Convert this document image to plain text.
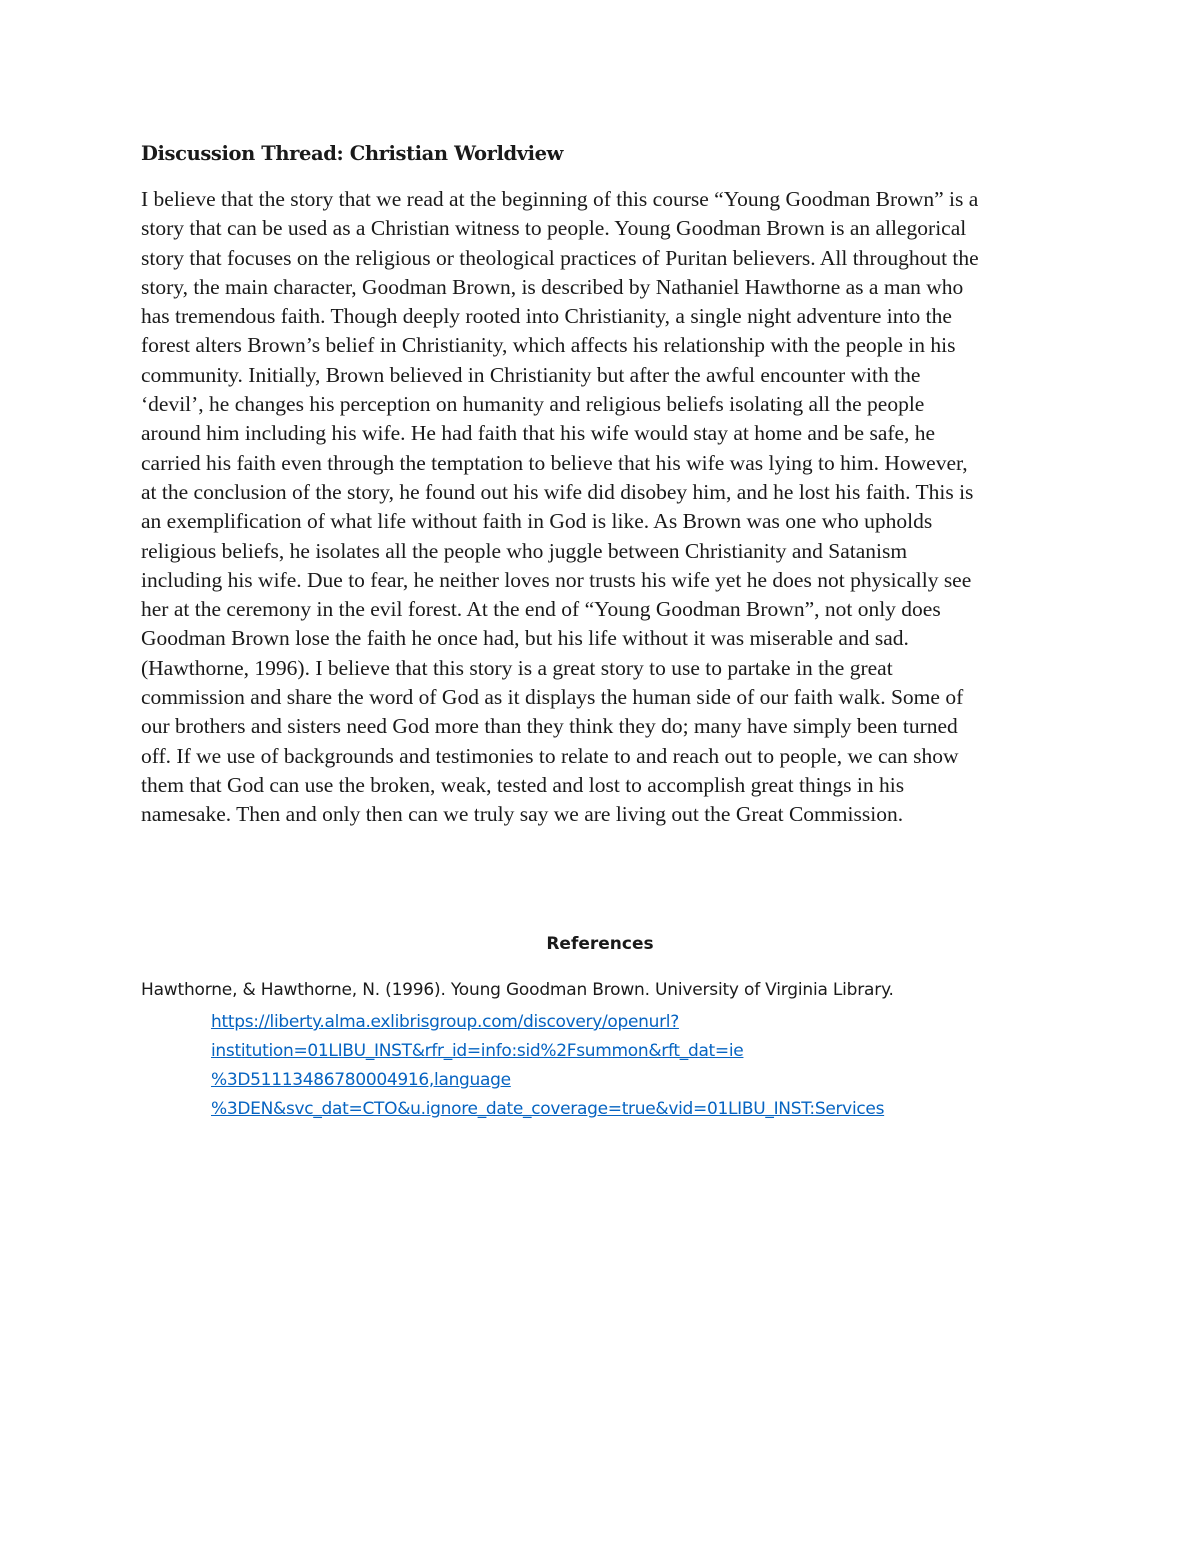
Discussion Thread: Christian Worldview
I believe that the story that we read at the beginning of this course “Young Goodman Brown” is a
story that can be used as a Christian witness to people. Young Goodman Brown is an allegorical
story that focuses on the religious or theological practices of Puritan believers. All throughout the
story, the main character, Goodman Brown, is described by Nathaniel Hawthorne as a man who
has tremendous faith. Though deeply rooted into Christianity, a single night adventure into the
forest alters Brown’s belief in Christianity, which affects his relationship with the people in his
community. Initially, Brown believed in Christianity but after the awful encounter with the
‘devil’, he changes his perception on humanity and religious beliefs isolating all the people
around him including his wife. He had faith that his wife would stay at home and be safe, he
carried his faith even through the temptation to believe that his wife was lying to him. However,
at the conclusion of the story, he found out his wife did disobey him, and he lost his faith. This is
an exemplification of what life without faith in God is like. As Brown was one who upholds
religious beliefs, he isolates all the people who juggle between Christianity and Satanism
including his wife. Due to fear, he neither loves nor trusts his wife yet he does not physically see
her at the ceremony in the evil forest. At the end of “Young Goodman Brown”, not only does
Goodman Brown lose the faith he once had, but his life without it was miserable and sad.
(Hawthorne, 1996). I believe that this story is a great story to use to partake in the great
commission and share the word of God as it displays the human side of our faith walk. Some of
our brothers and sisters need God more than they think they do; many have simply been turned
off. If we use of backgrounds and testimonies to relate to and reach out to people, we can show
them that God can use the broken, weak, tested and lost to accomplish great things in his
namesake. Then and only then can we truly say we are living out the Great Commission.
References
Hawthorne, & Hawthorne, N. (1996). Young Goodman Brown. University of Virginia Library.
https://liberty.alma.exlibrisgroup.com/discovery/openurl?
institution=01LIBU_INST&rfr_id=info:sid%2Fsummon&rft_dat=ie
%3D51113486780004916,language
%3DEN&svc_dat=CTO&u.ignore_date_coverage=true&vid=01LIBU_INST:Services
